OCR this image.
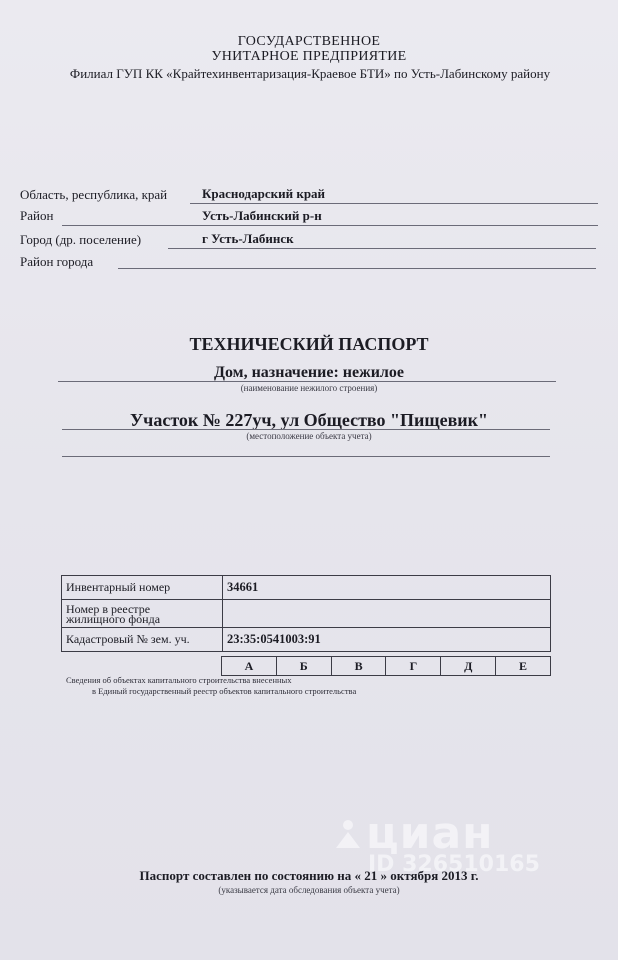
ГОСУДАРСТВЕННОЕ
УНИТАРНОЕ ПРЕДПРИЯТИЕ
Филиал ГУП КК «Крайтехинвентаризация-Краевое БТИ» по Усть-Лабинскому району
Область, республика, край	Краснодарский край
Район	Усть-Лабинский р-н
Город (др. поселение)	г Усть-Лабинск
Район города
ТЕХНИЧЕСКИЙ ПАСПОРТ
Дом, назначение: нежилое
(наименование нежилого строения)
Участок № 227уч, ул Общество "Пищевик"
(местоположение объекта учета)
Инвентарный номер	34661
Номер в реестре
жилищного фонда	
Кадастровый № зем. уч.	23:35:0541003:91
А	Б	В	Г	Д	Е
Сведения об объектах капитального строительства внесенных
в Единый государственный реестр объектов капитального строительства
циан
ID 326510165
Паспорт составлен по состоянию на « 21 » октября 2013 г.
(указывается дата обследования объекта учета)
